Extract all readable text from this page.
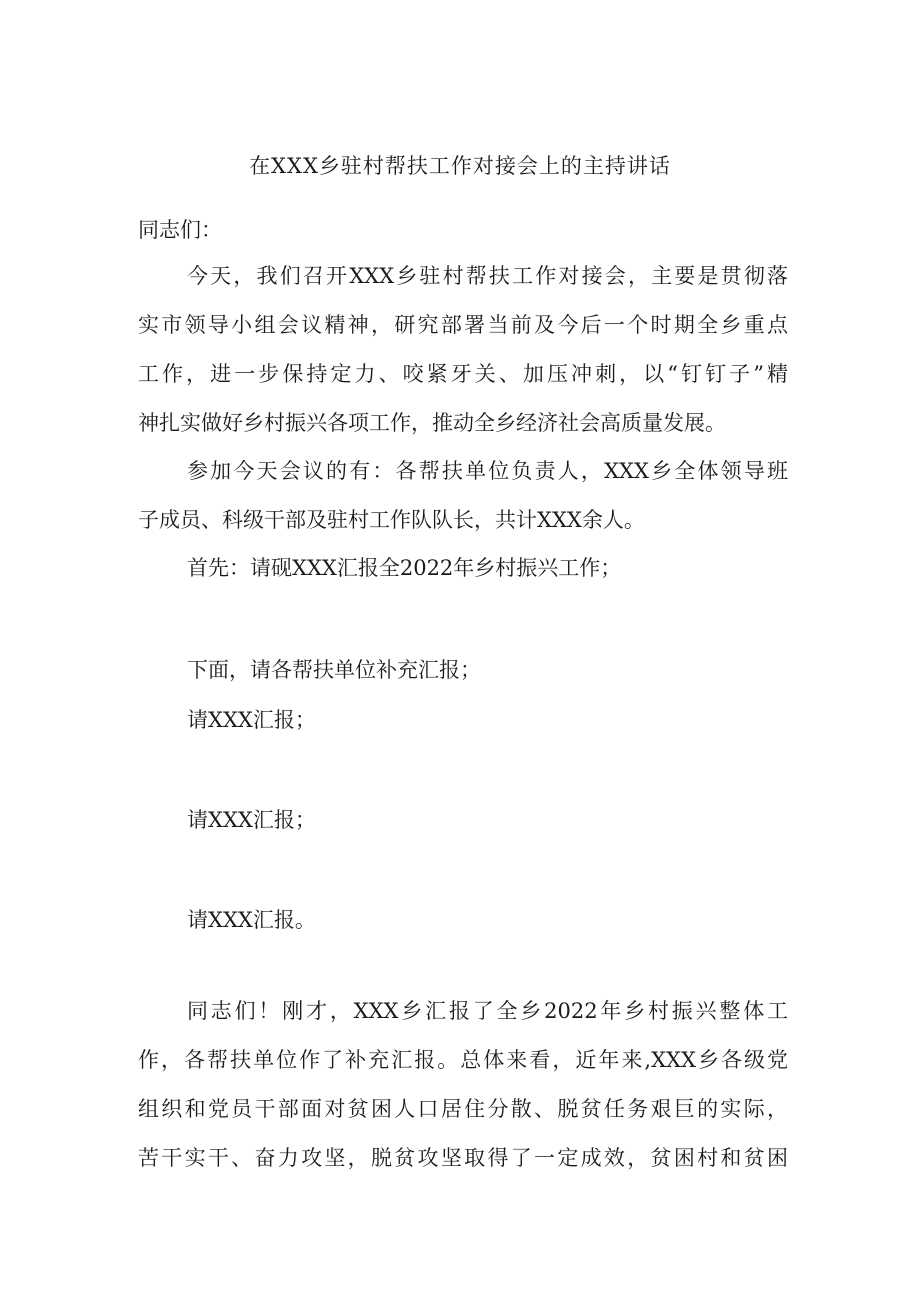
在XXX乡驻村帮扶工作对接会上的主持讲话
同志们：
今天，我们召开XXX乡驻村帮扶工作对接会，主要是贯彻落
实市领导小组会议精神，研究部署当前及今后一个时期全乡重点
工作，进一步保持定力、咬紧牙关、加压冲刺，以“钉钉子”精
神扎实做好乡村振兴各项工作，推动全乡经济社会高质量发展。
参加今天会议的有：各帮扶单位负责人，XXX乡全体领导班
子成员、科级干部及驻村工作队队长，共计XXX余人。
首先：请砚XXX汇报全2022年乡村振兴工作；
下面，请各帮扶单位补充汇报；
请XXX汇报；
请XXX汇报；
请XXX汇报。
同志们！刚才，XXX乡汇报了全乡2022年乡村振兴整体工
作，各帮扶单位作了补充汇报。总体来看，近年来,XXX乡各级党
组织和党员干部面对贫困人口居住分散、脱贫任务艰巨的实际，
苦干实干、奋力攻坚，脱贫攻坚取得了一定成效，贫困村和贫困
